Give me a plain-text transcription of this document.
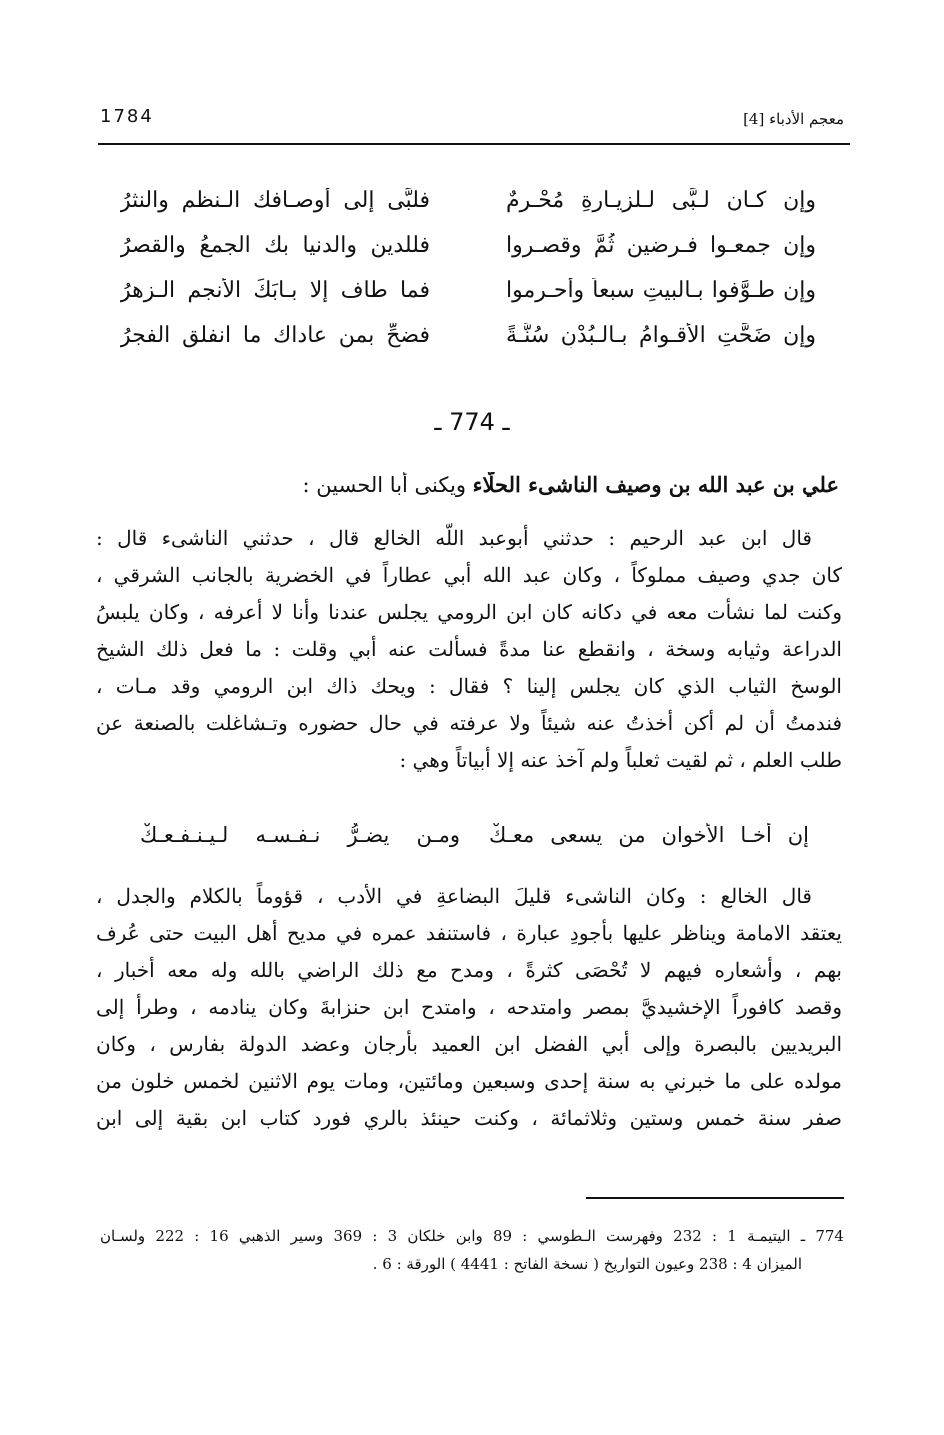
1784	معجم الأدباء [4]
وإن كـان لـبَّى لـلزيـارةِ مُحْـرِمٌ
فلبَّى إلى أوصـافك الـنظم والنثرُ
وإن جمعـوا فـرضين ثُمَّ وقصـروا
فللدين والدنيا بك الجمعُ والقصرُ
وإن طـوَّفوا بـالبيتِ سبعاً وأحـرموا
فما طاف إلا بـابَكَ الأنجم الـزهرُ
وإن ضَحَّتِ الأقـوامُ بـالـبُدْنِ سُنَّـةً
فضحِّ بمن عاداك ما انفلق الفجرُ
ـ 774 ـ
علي بن عبد الله بن وصيف الناشىء الحلّاء ويكنى أبا الحسين :
قال ابن عبد الرحيم : حدثني أبوعبد اللّه الخالع قال ، حدثني الناشىء قال :
كان جدي وصيف مملوكاً ، وكان عبد الله أبي عطاراً في الخضرية بالجانب الشرقي ،
وكنت لما نشأت معه في دكانه كان ابن الرومي يجلس عندنا وأنا لا أعرفه ، وكان يلبسُ
الدراعة وثيابه وسخة ، وانقطع عنا مدةً فسألت عنه أبي وقلت : ما فعل ذلك الشيخ
الوسخ الثياب الذي كان يجلس إلينا ؟ فقال : ويحك ذاك ابن الرومي وقد مـات ،
فندمتُ أن لم أكن أخذتُ عنه شيئاً ولا عرفته في حال حضوره وتـشاغلت بالصنعة عن
طلب العلم ، ثم لقيت ثعلباً ولم آخذ عنه إلا أبياتاً وهي :
إن أخـا الأخوان من يسعى معـكْ
ومـن يضـرُّ نـفـسـه لـيـنـفـعـكْ
قال الخالع : وكان الناشىء قليلَ البضاعةِ في الأدب ، قؤوماً بالكلام والجدل ،
يعتقد الامامة ويناظر عليها بأجودِ عبارة ، فاستنفد عمره في مديح أهل البيت حتى عُرف
بهم ، وأشعاره فيهم لا تُحْصَى كثرةً ، ومدح مع ذلك الراضي بالله وله معه أخبار ،
وقصد كافوراً الإخشيديَّ بمصر وامتدحه ، وامتدح ابن حنزابةَ وكان ينادمه ، وطرأ إلى
البريديين بالبصرة وإلى أبي الفضل ابن العميد بأرجان وعضد الدولة بفارس ، وكان
مولده على ما خبرني به سنة إحدى وسبعين ومائتين، ومات يوم الاثنين لخمس خلون من
صفر سنة خمس وستين وثلاثمائة ، وكنت حينئذ بالري فورد كتاب ابن بقية إلى ابن
774 ـ اليتيمـة 1 : 232 وفهرست الـطوسي : 89 وابن خلكان 3 : 369 وسير الذهبي 16 : 222 ولسـان
الميزان 4 : 238 وعيون التواريخ ( نسخة الفاتح : 4441 ) الورقة : 6 .
